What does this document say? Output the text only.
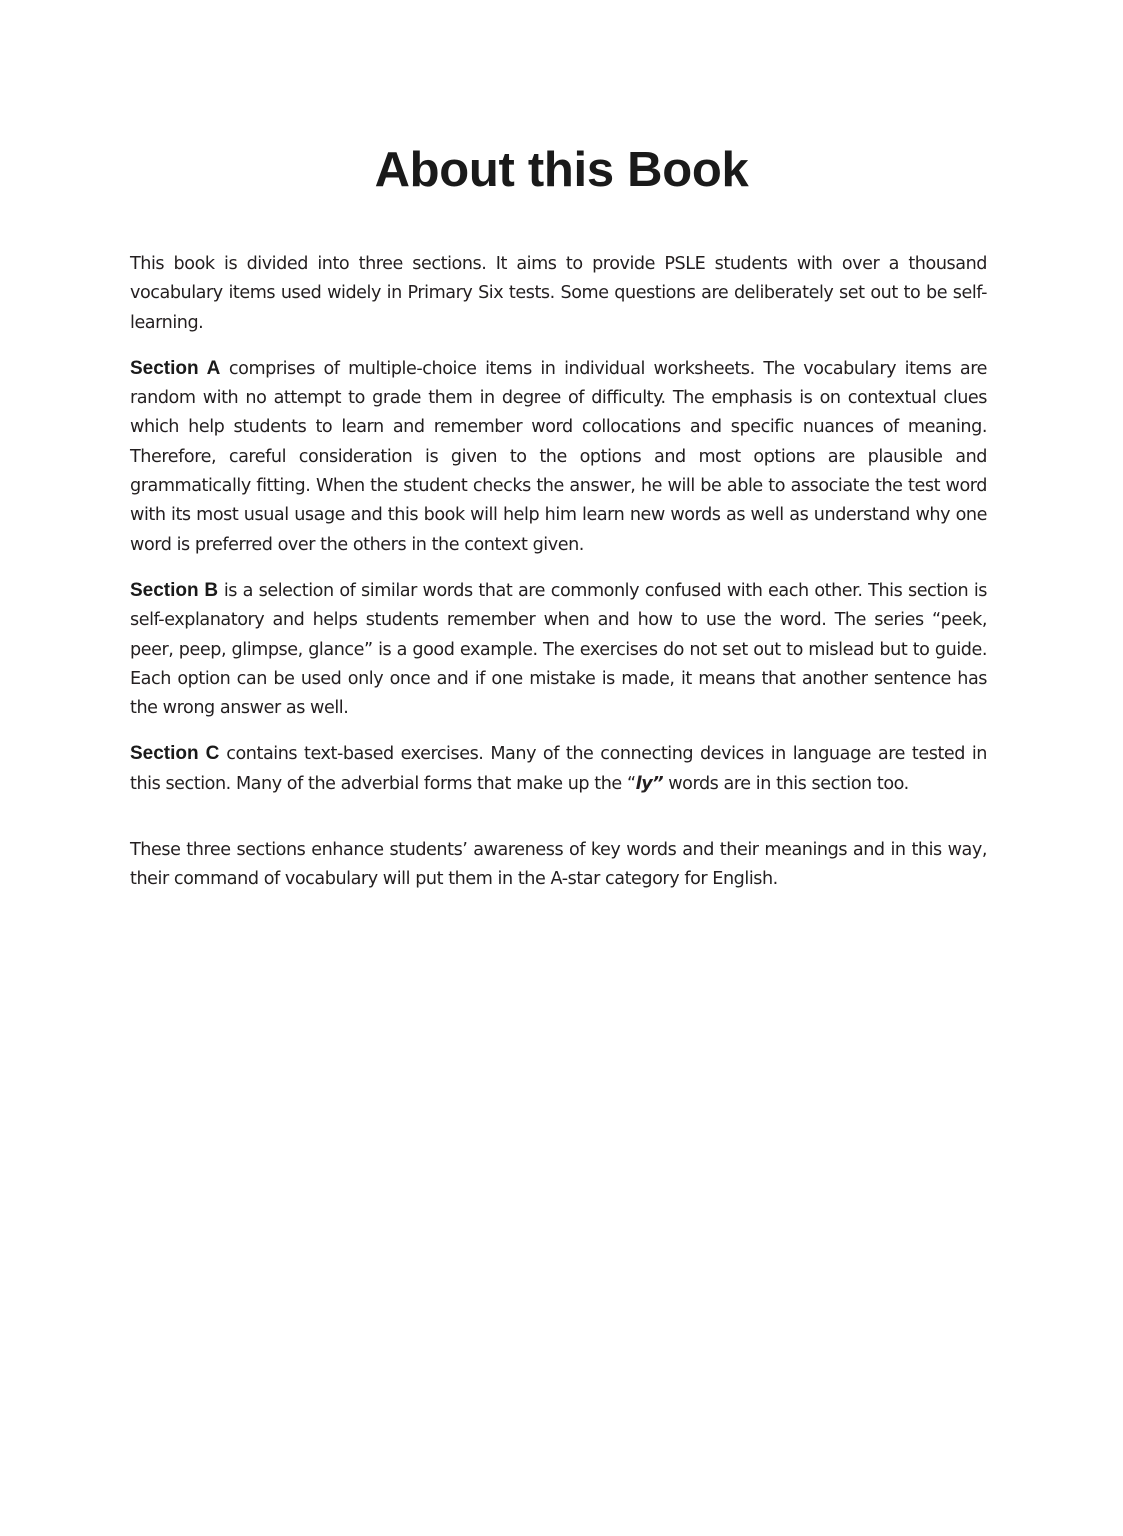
About this Book

This book is divided into three sections. It aims to provide PSLE students with over a thousand vocabulary items used widely in Primary Six tests. Some questions are deliberately set out to be self-learning.

Section A comprises of multiple-choice items in individual worksheets. The vocabulary items are random with no attempt to grade them in degree of difficulty. The emphasis is on contextual clues which help students to learn and remember word collocations and specific nuances of meaning. Therefore, careful consideration is given to the options and most options are plausible and grammatically fitting. When the student checks the answer, he will be able to associate the test word with its most usual usage and this book will help him learn new words as well as understand why one word is preferred over the others in the context given.

Section B is a selection of similar words that are commonly confused with each other. This section is self-explanatory and helps students remember when and how to use the word. The series “peek, peer, peep, glimpse, glance” is a good example. The exercises do not set out to mislead but to guide. Each option can be used only once and if one mistake is made, it means that another sentence has the wrong answer as well.

Section C contains text-based exercises. Many of the connecting devices in language are tested in this section. Many of the adverbial forms that make up the “ly” words are in this section too.

These three sections enhance students’ awareness of key words and their meanings and in this way, their command of vocabulary will put them in the A-star category for English.
